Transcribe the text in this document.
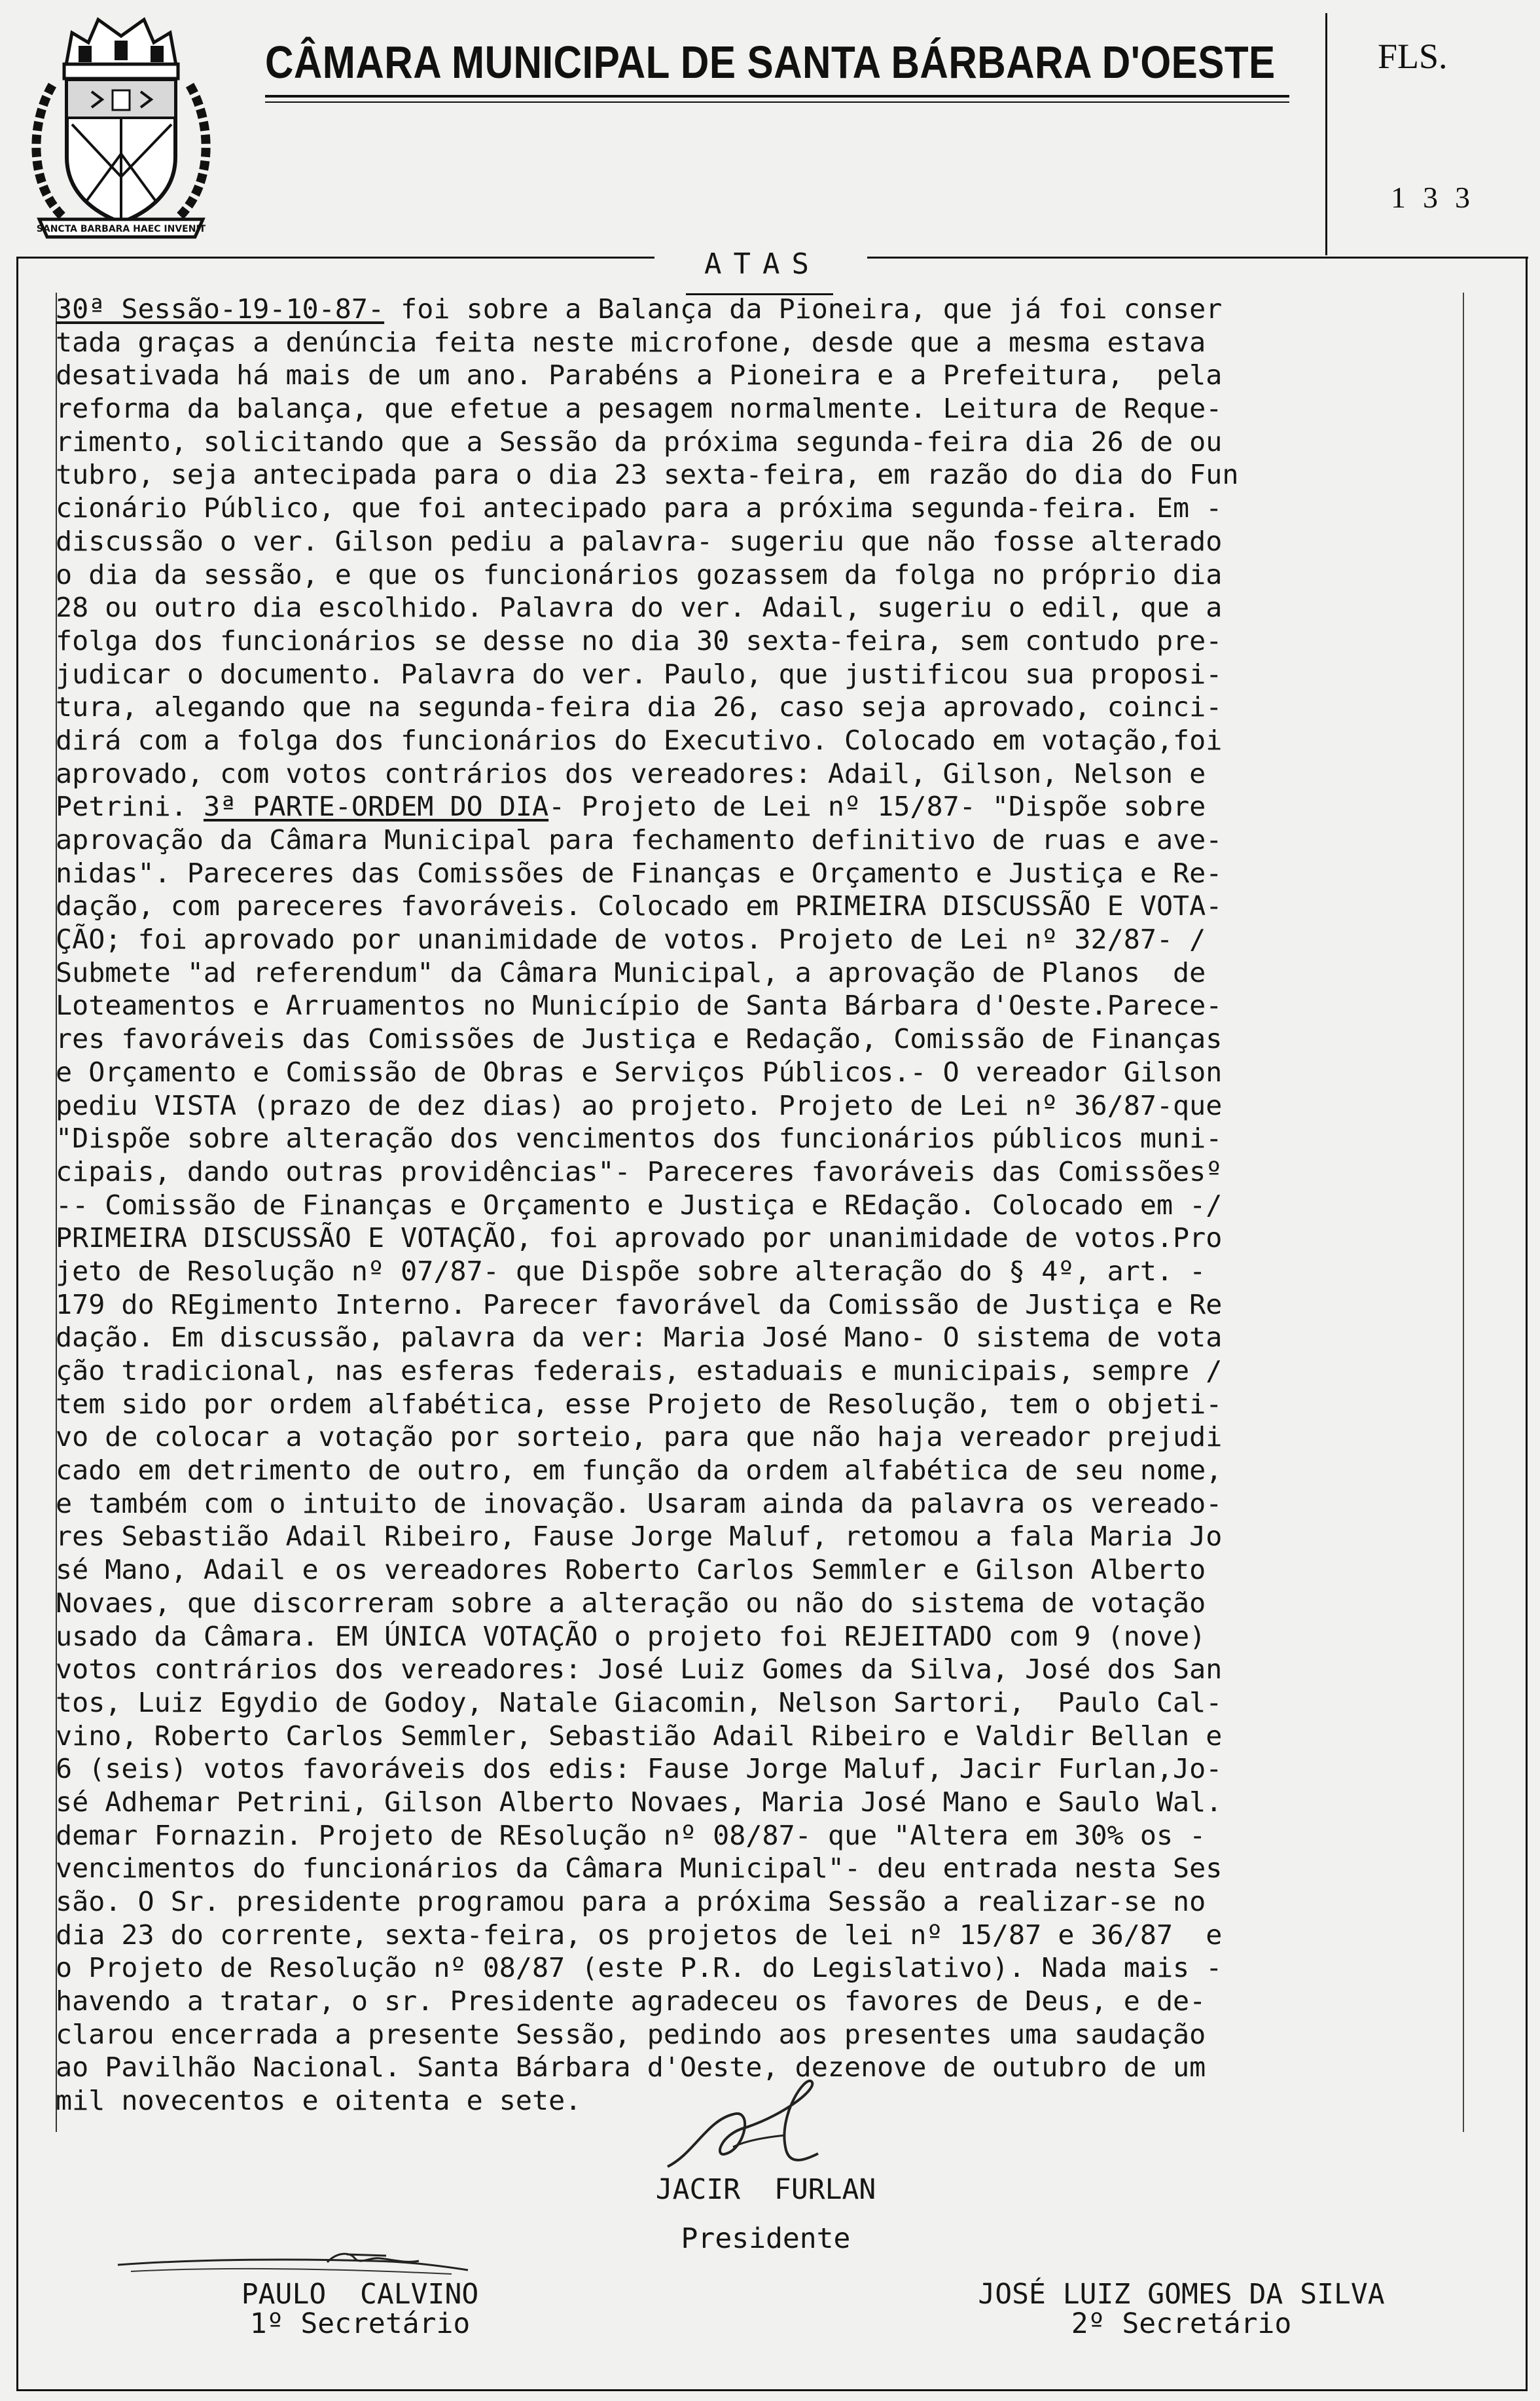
SANCTA BARBARA HAEC INVENIT
CÂMARA MUNICIPAL DE SANTA BÁRBARA D'OESTE	FLS.
133
ATAS
30ª Sessão-19-10-87- foi sobre a Balança da Pioneira, que já foi conser
tada graças a denúncia feita neste microfone, desde que a mesma estava
desativada há mais de um ano. Parabéns a Pioneira e a Prefeitura,  pela
reforma da balança, que efetue a pesagem normalmente. Leitura de Reque-
rimento, solicitando que a Sessão da próxima segunda-feira dia 26 de ou
tubro, seja antecipada para o dia 23 sexta-feira, em razão do dia do Fun
cionário Público, que foi antecipado para a próxima segunda-feira. Em -
discussão o ver. Gilson pediu a palavra- sugeriu que não fosse alterado
o dia da sessão, e que os funcionários gozassem da folga no próprio dia
28 ou outro dia escolhido. Palavra do ver. Adail, sugeriu o edil, que a
folga dos funcionários se desse no dia 30 sexta-feira, sem contudo pre-
judicar o documento. Palavra do ver. Paulo, que justificou sua proposi-
tura, alegando que na segunda-feira dia 26, caso seja aprovado, coinci-
dirá com a folga dos funcionários do Executivo. Colocado em votação,foi
aprovado, com votos contrários dos vereadores: Adail, Gilson, Nelson e
Petrini. 3ª PARTE-ORDEM DO DIA- Projeto de Lei nº 15/87- "Dispõe sobre
aprovação da Câmara Municipal para fechamento definitivo de ruas e ave-
nidas". Pareceres das Comissões de Finanças e Orçamento e Justiça e Re-
dação, com pareceres favoráveis. Colocado em PRIMEIRA DISCUSSÃO E VOTA-
ÇÃO; foi aprovado por unanimidade de votos. Projeto de Lei nº 32/87- /
Submete "ad referendum" da Câmara Municipal, a aprovação de Planos  de
Loteamentos e Arruamentos no Município de Santa Bárbara d'Oeste.Parece-
res favoráveis das Comissões de Justiça e Redação, Comissão de Finanças
e Orçamento e Comissão de Obras e Serviços Públicos.- O vereador Gilson
pediu VISTA (prazo de dez dias) ao projeto. Projeto de Lei nº 36/87-que
"Dispõe sobre alteração dos vencimentos dos funcionários públicos muni-
cipais, dando outras providências"- Pareceres favoráveis das Comissõesº
-- Comissão de Finanças e Orçamento e Justiça e REdação. Colocado em -/
PRIMEIRA DISCUSSÃO E VOTAÇÃO, foi aprovado por unanimidade de votos.Pro
jeto de Resolução nº 07/87- que Dispõe sobre alteração do § 4º, art. -
179 do REgimento Interno. Parecer favorável da Comissão de Justiça e Re
dação. Em discussão, palavra da ver: Maria José Mano- O sistema de vota
ção tradicional, nas esferas federais, estaduais e municipais, sempre /
tem sido por ordem alfabética, esse Projeto de Resolução, tem o objeti-
vo de colocar a votação por sorteio, para que não haja vereador prejudi
cado em detrimento de outro, em função da ordem alfabética de seu nome,
e também com o intuito de inovação. Usaram ainda da palavra os vereado-
res Sebastião Adail Ribeiro, Fause Jorge Maluf, retomou a fala Maria Jo
sé Mano, Adail e os vereadores Roberto Carlos Semmler e Gilson Alberto
Novaes, que discorreram sobre a alteração ou não do sistema de votação
usado da Câmara. EM ÚNICA VOTAÇÃO o projeto foi REJEITADO com 9 (nove)
votos contrários dos vereadores: José Luiz Gomes da Silva, José dos San
tos, Luiz Egydio de Godoy, Natale Giacomin, Nelson Sartori,  Paulo Cal-
vino, Roberto Carlos Semmler, Sebastião Adail Ribeiro e Valdir Bellan e
6 (seis) votos favoráveis dos edis: Fause Jorge Maluf, Jacir Furlan,Jo-
sé Adhemar Petrini, Gilson Alberto Novaes, Maria José Mano e Saulo Wal.
demar Fornazin. Projeto de REsolução nº 08/87- que "Altera em 30% os -
vencimentos do funcionários da Câmara Municipal"- deu entrada nesta Ses
são. O Sr. presidente programou para a próxima Sessão a realizar-se no
dia 23 do corrente, sexta-feira, os projetos de lei nº 15/87 e 36/87  e
o Projeto de Resolução nº 08/87 (este P.R. do Legislativo). Nada mais -
havendo a tratar, o sr. Presidente agradeceu os favores de Deus, e de-
clarou encerrada a presente Sessão, pedindo aos presentes uma saudação
ao Pavilhão Nacional. Santa Bárbara d'Oeste, dezenove de outubro de um
mil novecentos e oitenta e sete.
JACIR  FURLAN
Presidente
PAULO  CALVINO
1º Secretário
JOSÉ LUIZ GOMES DA SILVA
2º Secretário
